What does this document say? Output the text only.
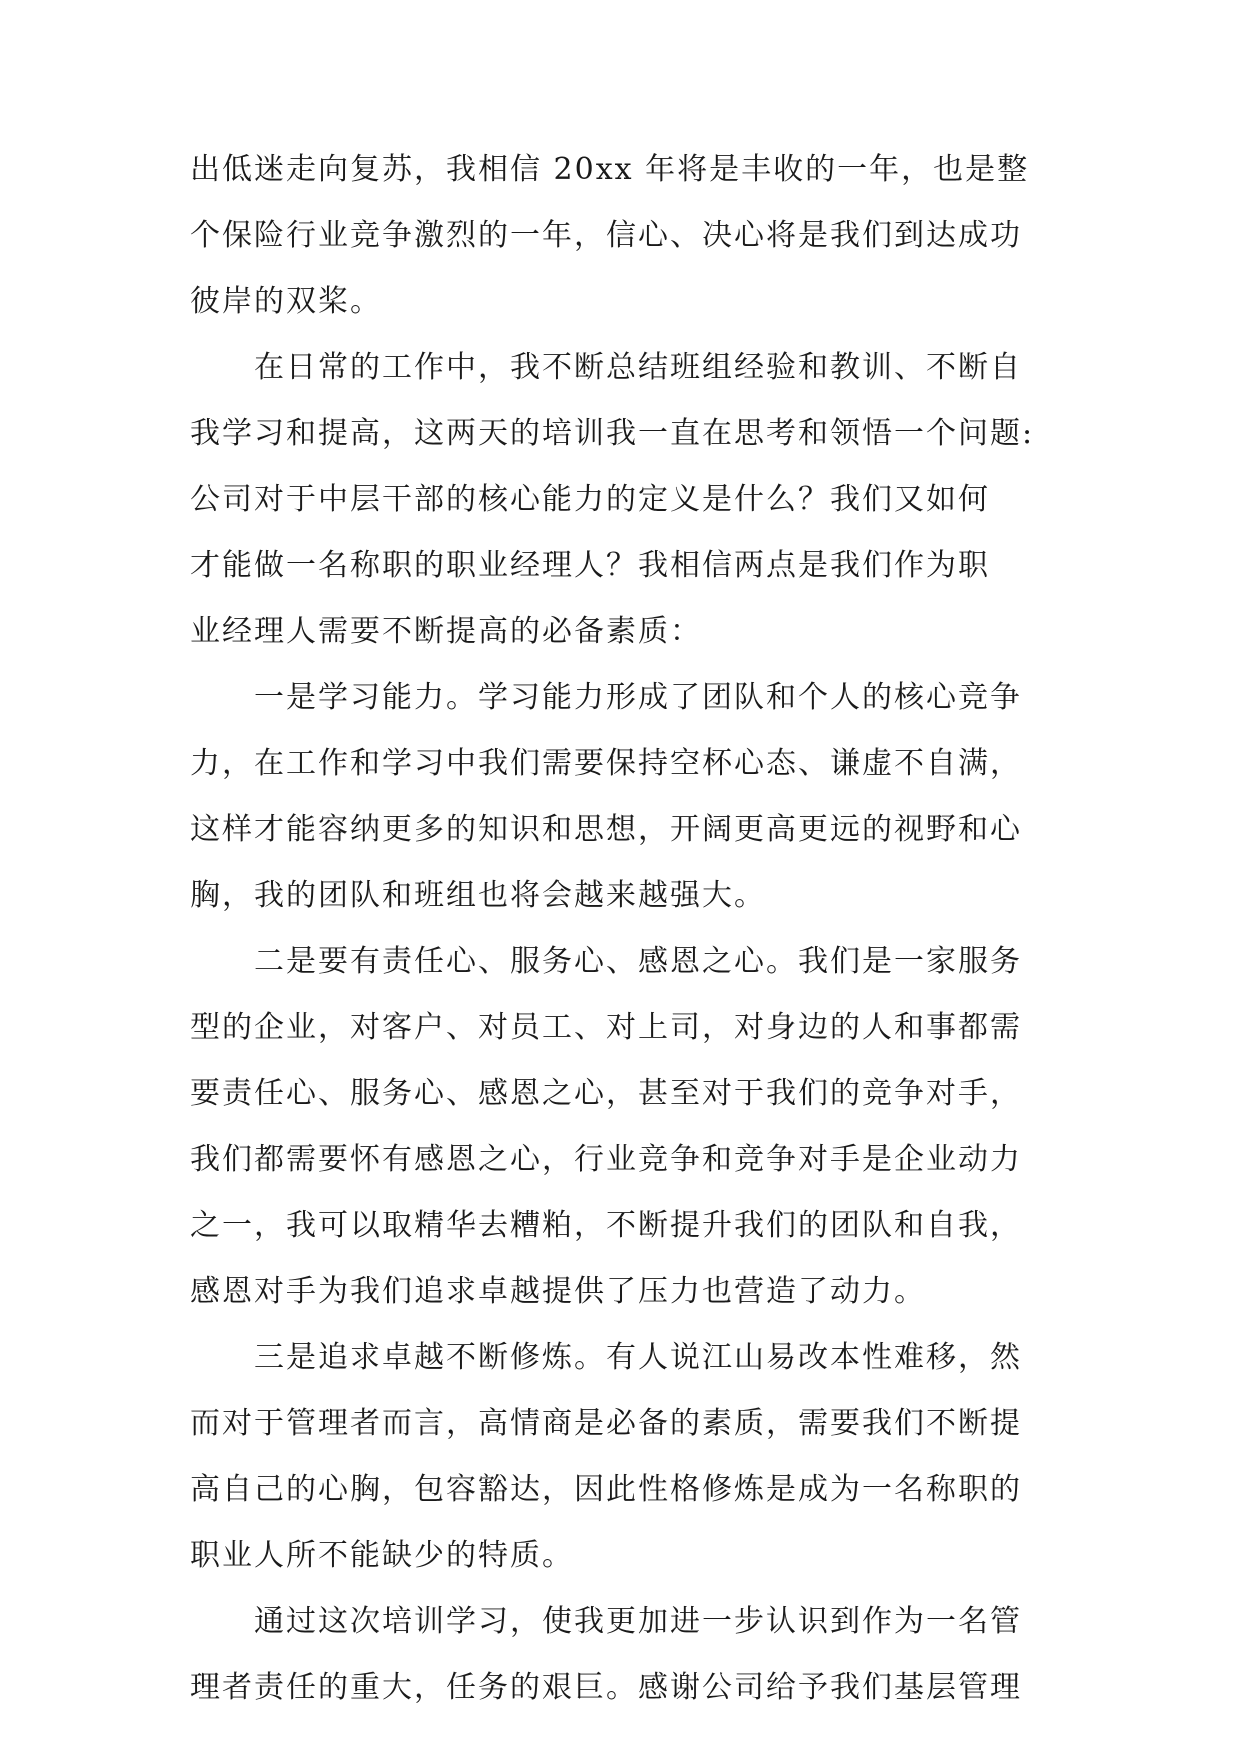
出低迷走向复苏，我相信 20xx 年将是丰收的一年，也是整
个保险行业竞争激烈的一年，信心、决心将是我们到达成功
彼岸的双桨。
在日常的工作中，我不断总结班组经验和教训、不断自
我学习和提高，这两天的培训我一直在思考和领悟一个问题:
公司对于中层干部的核心能力的定义是什么？我们又如何
才能做一名称职的职业经理人？我相信两点是我们作为职
业经理人需要不断提高的必备素质：
一是学习能力。学习能力形成了团队和个人的核心竞争
力，在工作和学习中我们需要保持空杯心态、谦虚不自满，
这样才能容纳更多的知识和思想，开阔更高更远的视野和心
胸，我的团队和班组也将会越来越强大。
二是要有责任心、服务心、感恩之心。我们是一家服务
型的企业，对客户、对员工、对上司，对身边的人和事都需
要责任心、服务心、感恩之心，甚至对于我们的竞争对手，
我们都需要怀有感恩之心，行业竞争和竞争对手是企业动力
之一，我可以取精华去糟粕，不断提升我们的团队和自我，
感恩对手为我们追求卓越提供了压力也营造了动力。
三是追求卓越不断修炼。有人说江山易改本性难移，然
而对于管理者而言，高情商是必备的素质，需要我们不断提
高自己的心胸，包容豁达，因此性格修炼是成为一名称职的
职业人所不能缺少的特质。
通过这次培训学习，使我更加进一步认识到作为一名管
理者责任的重大，任务的艰巨。感谢公司给予我们基层管理
